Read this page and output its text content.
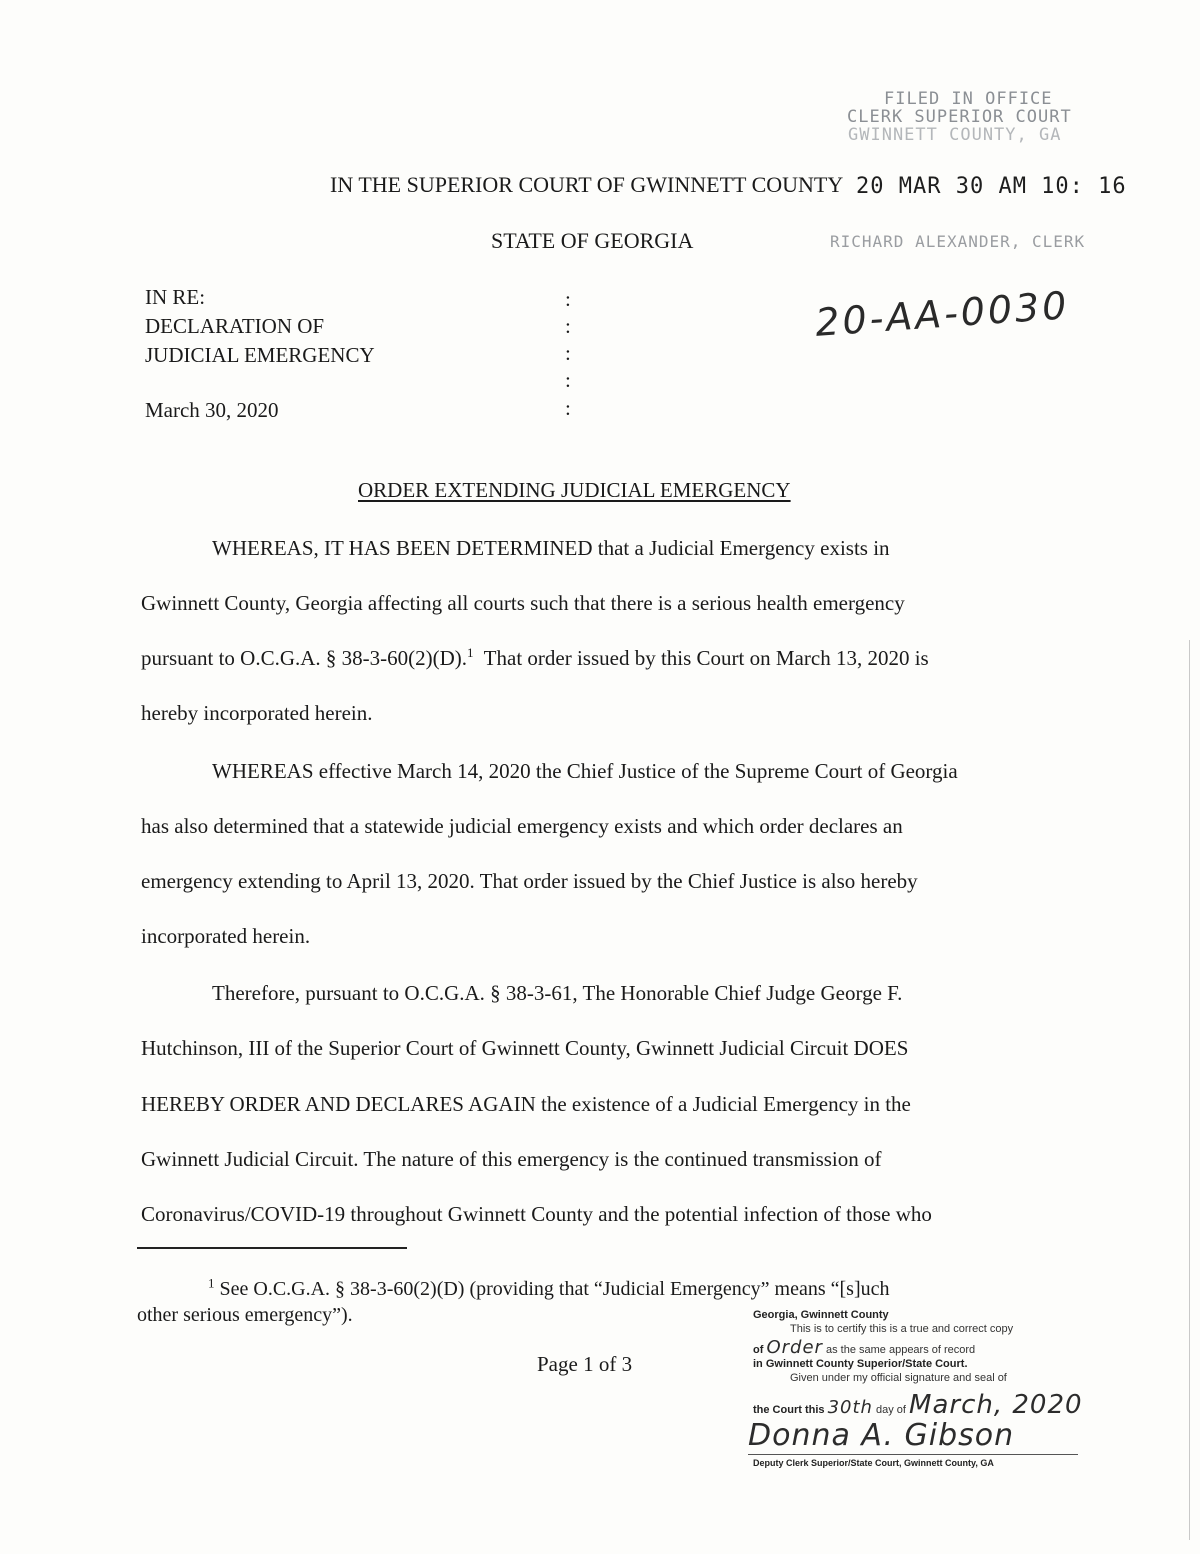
FILED IN OFFICE
CLERK SUPERIOR COURT
GWINNETT COUNTY, GA
IN THE SUPERIOR COURT OF GWINNETT COUNTY 20 MAR 30 AM 10: 16
STATE OF GEORGIA	RICHARD ALEXANDER, CLERK
IN RE:
DECLARATION OF
JUDICIAL EMERGENCY
March 30, 2020
:
:
:
:
:
20-AA-0030
ORDER EXTENDING JUDICIAL EMERGENCY
WHEREAS, IT HAS BEEN DETERMINED that a Judicial Emergency exists in
Gwinnett County, Georgia affecting all courts such that there is a serious health emergency
pursuant to O.C.G.A. § 38-3-60(2)(D).$^1$ That order issued by this Court on March 13, 2020 is
hereby incorporated herein.
WHEREAS effective March 14, 2020 the Chief Justice of the Supreme Court of Georgia
has also determined that a statewide judicial emergency exists and which order declares an
emergency extending to April 13, 2020. That order issued by the Chief Justice is also hereby
incorporated herein.
Therefore, pursuant to O.C.G.A. § 38-3-61, The Honorable Chief Judge George F.
Hutchinson, III of the Superior Court of Gwinnett County, Gwinnett Judicial Circuit DOES
HEREBY ORDER AND DECLARES AGAIN the existence of a Judicial Emergency in the
Gwinnett Judicial Circuit. The nature of this emergency is the continued transmission of
Coronavirus/COVID-19 throughout Gwinnett County and the potential infection of those who
$^1$ See O.C.G.A. § 38-3-60(2)(D) (providing that “Judicial Emergency” means “[s]uch
other serious emergency”).
Page 1 of 3
Georgia, Gwinnett County
This is to certify this is a true and correct copy
of Order as the same appears of record
in Gwinnett County Superior/State Court.
Given under my official signature and seal of
the Court this 30th day of March, 2020
Donna A. Gibson
Deputy Clerk Superior/State Court, Gwinnett County, GA
